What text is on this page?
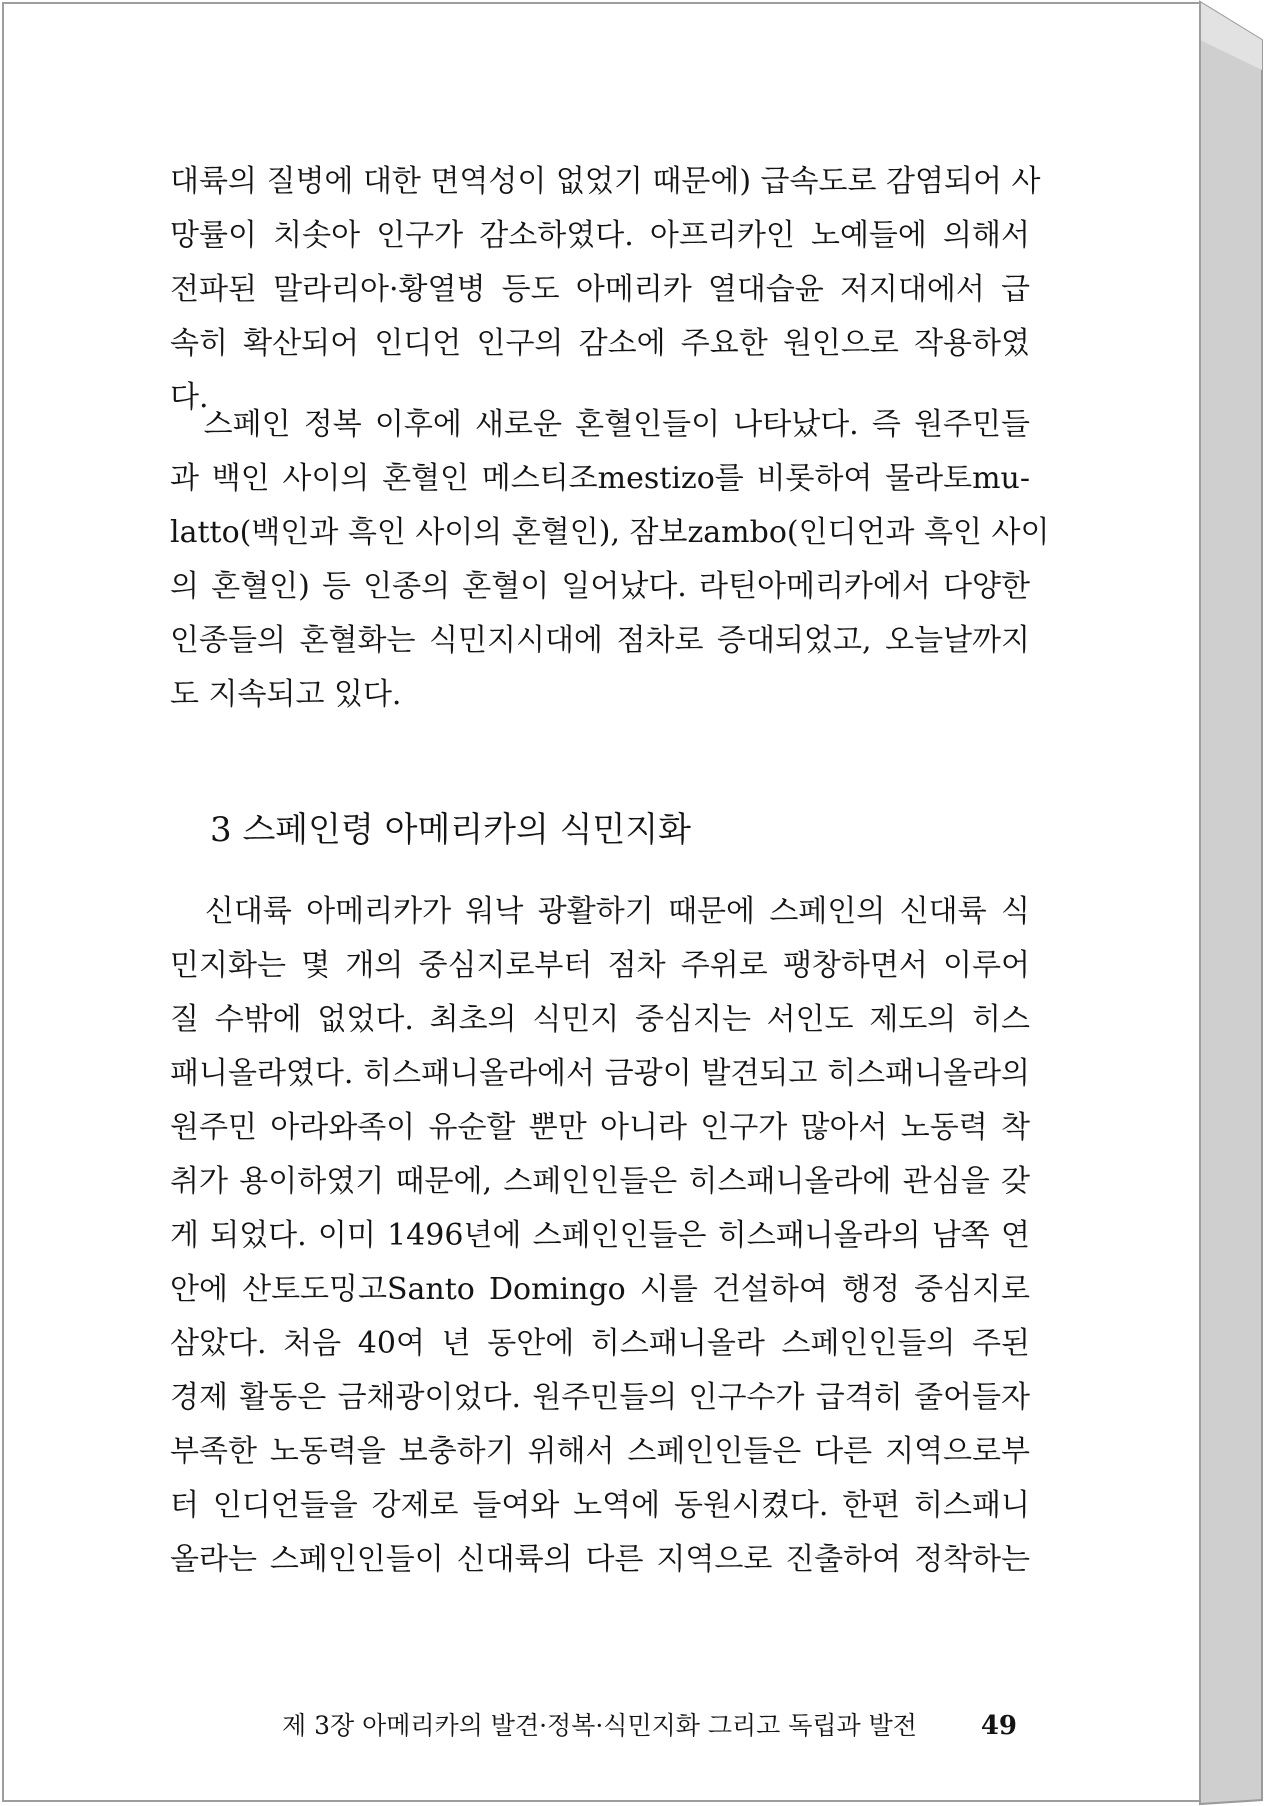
대륙의 질병에 대한 면역성이 없었기 때문에) 급속도로 감염되어 사
망률이 치솟아 인구가 감소하였다. 아프리카인 노예들에 의해서
전파된 말라리아·황열병 등도 아메리카 열대습윤 저지대에서 급
속히 확산되어 인디언 인구의 감소에 주요한 원인으로 작용하였
다.
　스페인 정복 이후에 새로운 혼혈인들이 나타났다. 즉 원주민들
과 백인 사이의 혼혈인 메스티조mestizo를 비롯하여 물라토mu-
latto(백인과 흑인 사이의 혼혈인), 잠보zambo(인디언과 흑인 사이
의 혼혈인) 등 인종의 혼혈이 일어났다. 라틴아메리카에서 다양한
인종들의 혼혈화는 식민지시대에 점차로 증대되었고, 오늘날까지
도 지속되고 있다.
3 스페인령 아메리카의 식민지화
　신대륙 아메리카가 워낙 광활하기 때문에 스페인의 신대륙 식
민지화는 몇 개의 중심지로부터 점차 주위로 팽창하면서 이루어
질 수밖에 없었다. 최초의 식민지 중심지는 서인도 제도의 히스
패니올라였다. 히스패니올라에서 금광이 발견되고 히스패니올라의
원주민 아라와족이 유순할 뿐만 아니라 인구가 많아서 노동력 착
취가 용이하였기 때문에, 스페인인들은 히스패니올라에 관심을 갖
게 되었다. 이미 1496년에 스페인인들은 히스패니올라의 남쪽 연
안에 산토도밍고Santo Domingo 시를 건설하여 행정 중심지로
삼았다. 처음 40여 년 동안에 히스패니올라 스페인인들의 주된
경제 활동은 금채광이었다. 원주민들의 인구수가 급격히 줄어들자
부족한 노동력을 보충하기 위해서 스페인인들은 다른 지역으로부
터 인디언들을 강제로 들여와 노역에 동원시켰다. 한편 히스패니
올라는 스페인인들이 신대륙의 다른 지역으로 진출하여 정착하는
제 3장 아메리카의 발견·정복·식민지화 그리고 독립과 발전 49
